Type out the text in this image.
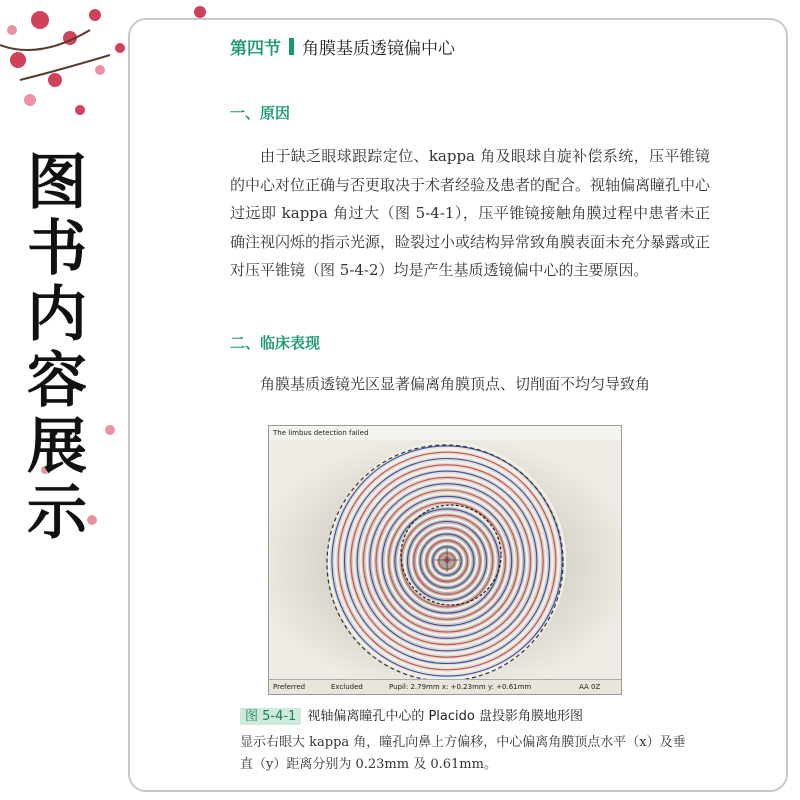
图
书
内
容
展
示
第四节 角膜基质透镜偏中心
一、原因
由于缺乏眼球跟踪定位、kappa 角及眼球自旋补偿系统，压平锥镜的中心对位正确与否更取决于术者经验及患者的配合。视轴偏离瞳孔中心过远即 kappa 角过大（图 5-4-1），压平锥镜接触角膜过程中患者未正确注视闪烁的指示光源，睑裂过小或结构异常致角膜表面未充分暴露或正对压平锥镜（图 5-4-2）均是产生基质透镜偏中心的主要原因。
二、临床表现
角膜基质透镜光区显著偏离角膜顶点、切削面不均匀导致角
The limbus detection failed
Preferred	Excluded	Pupil: 2.79mm x: +0.23mm y: +0.61mm	AA 0Z
图 5-4-1 视轴偏离瞳孔中心的 Placido 盘投影角膜地形图
显示右眼大 kappa 角，瞳孔向鼻上方偏移，中心偏离角膜顶点水平（x）及垂直（y）距离分别为 0.23mm 及 0.61mm。
